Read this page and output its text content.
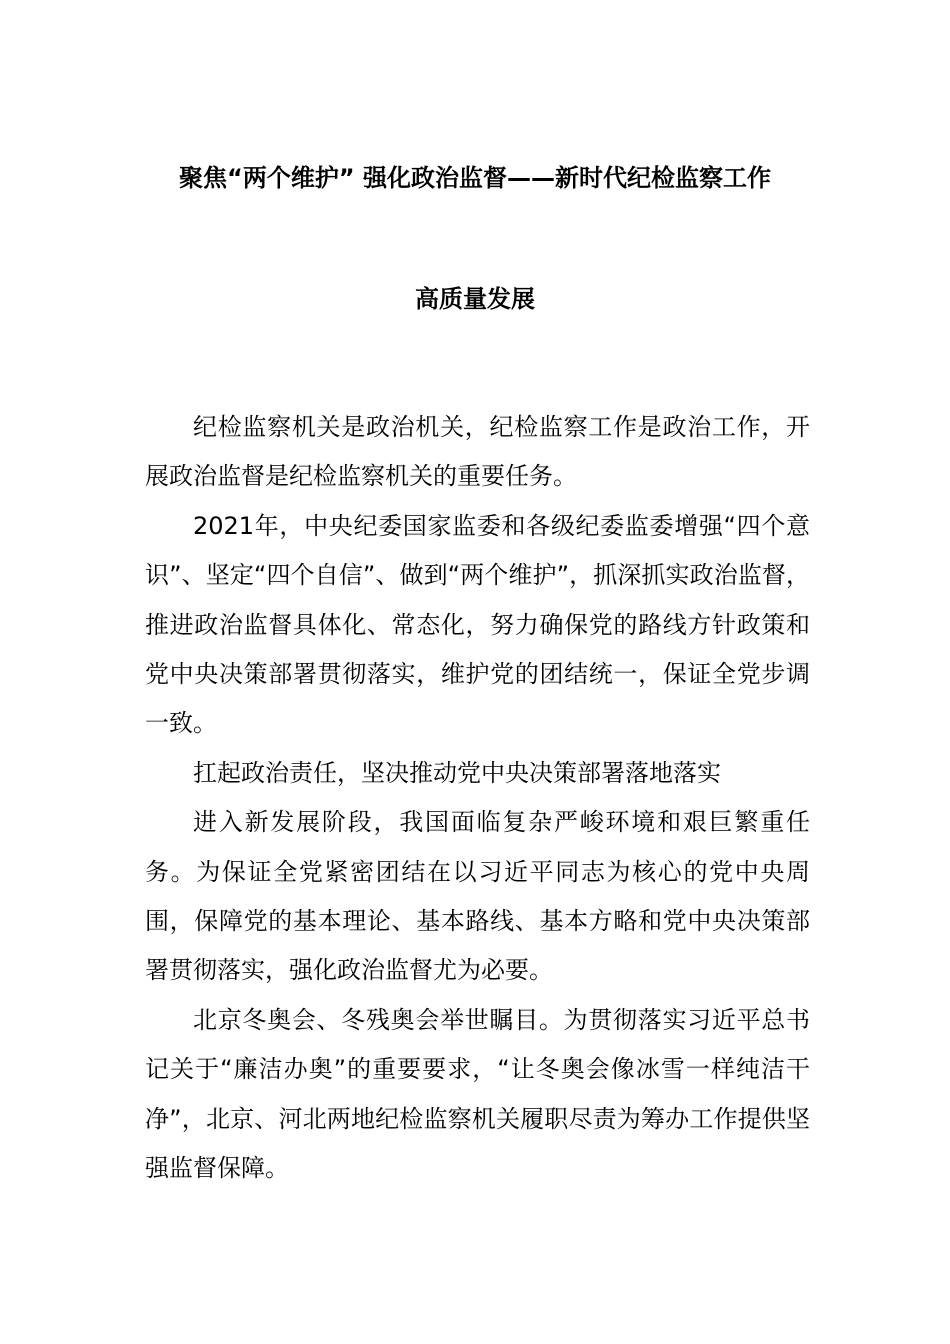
聚焦“两个维护” 强化政治监督——新时代纪检监察工作
高质量发展

纪检监察机关是政治机关，纪检监察工作是政治工作，开展政治监督是纪检监察机关的重要任务。

2021年，中央纪委国家监委和各级纪委监委增强“四个意识”、坚定“四个自信”、做到“两个维护”，抓深抓实政治监督，推进政治监督具体化、常态化，努力确保党的路线方针政策和党中央决策部署贯彻落实，维护党的团结统一，保证全党步调一致。

扛起政治责任，坚决推动党中央决策部署落地落实

进入新发展阶段，我国面临复杂严峻环境和艰巨繁重任务。为保证全党紧密团结在以习近平同志为核心的党中央周围，保障党的基本理论、基本路线、基本方略和党中央决策部署贯彻落实，强化政治监督尤为必要。

北京冬奥会、冬残奥会举世瞩目。为贯彻落实习近平总书记关于“廉洁办奥”的重要要求，“让冬奥会像冰雪一样纯洁干净”，北京、河北两地纪检监察机关履职尽责为筹办工作提供坚强监督保障。
